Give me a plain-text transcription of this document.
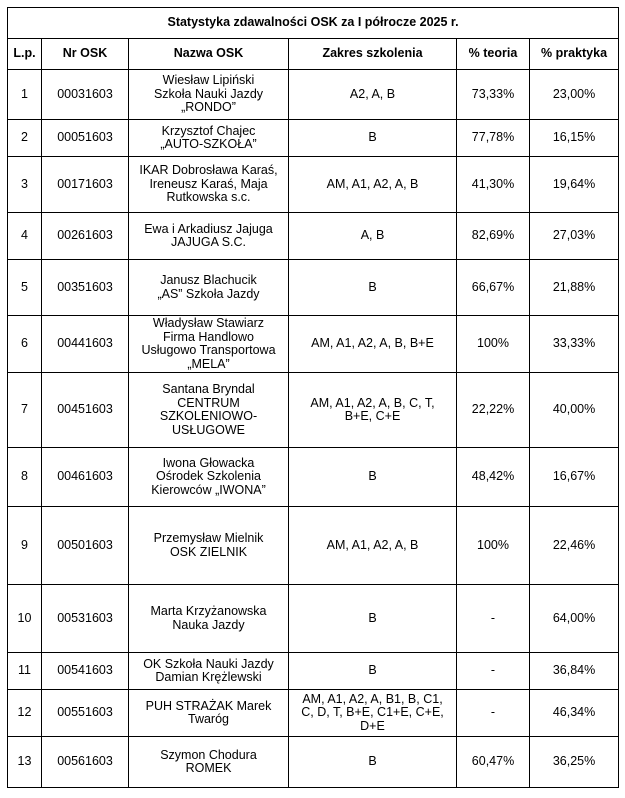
Statystyka zdawalności OSK za I półrocze 2025 r.					
L.p.	Nr OSK	Nazwa OSK	Zakres szkolenia	% teoria	% praktyka
1	00031603	Wiesław Lipiński
Szkoła Nauki Jazdy
„RONDO”	A2, A, B	73,33%	23,00%
2	00051603	Krzysztof Chajec
„AUTO-SZKOŁA”	B	77,78%	16,15%
3	00171603	IKAR Dobrosława Karaś,
Ireneusz Karaś, Maja
Rutkowska s.c.	AM, A1, A2, A, B	41,30%	19,64%
4	00261603	Ewa i Arkadiusz Jajuga
JAJUGA S.C.	A, B	82,69%	27,03%
5	00351603	Janusz Blachucik
„AS” Szkoła Jazdy	B	66,67%	21,88%
6	00441603	Władysław Stawiarz
Firma Handlowo
Usługowo Transportowa
„MELA”	AM, A1, A2, A, B, B+E	100%	33,33%
7	00451603	Santana Bryndal
CENTRUM
SZKOLENIOWO-
USŁUGOWE	AM, A1, A2, A, B, C, T,
B+E, C+E	22,22%	40,00%
8	00461603	Iwona Głowacka
Ośrodek Szkolenia
Kierowców „IWONA”	B	48,42%	16,67%
9	00501603	Przemysław Mielnik
OSK ZIELNIK	AM, A1, A2, A, B	100%	22,46%
10	00531603	Marta Krzyżanowska
Nauka Jazdy	B	-	64,00%
11	00541603	OK Szkoła Nauki Jazdy
Damian Krężlewski	B	-	36,84%
12	00551603	PUH STRAŻAK Marek
Twaróg	AM, A1, A2, A, B1, B, C1,
C, D, T, B+E, C1+E, C+E,
D+E	-	46,34%
13	00561603	Szymon Chodura
ROMEK	B	60,47%	36,25%
